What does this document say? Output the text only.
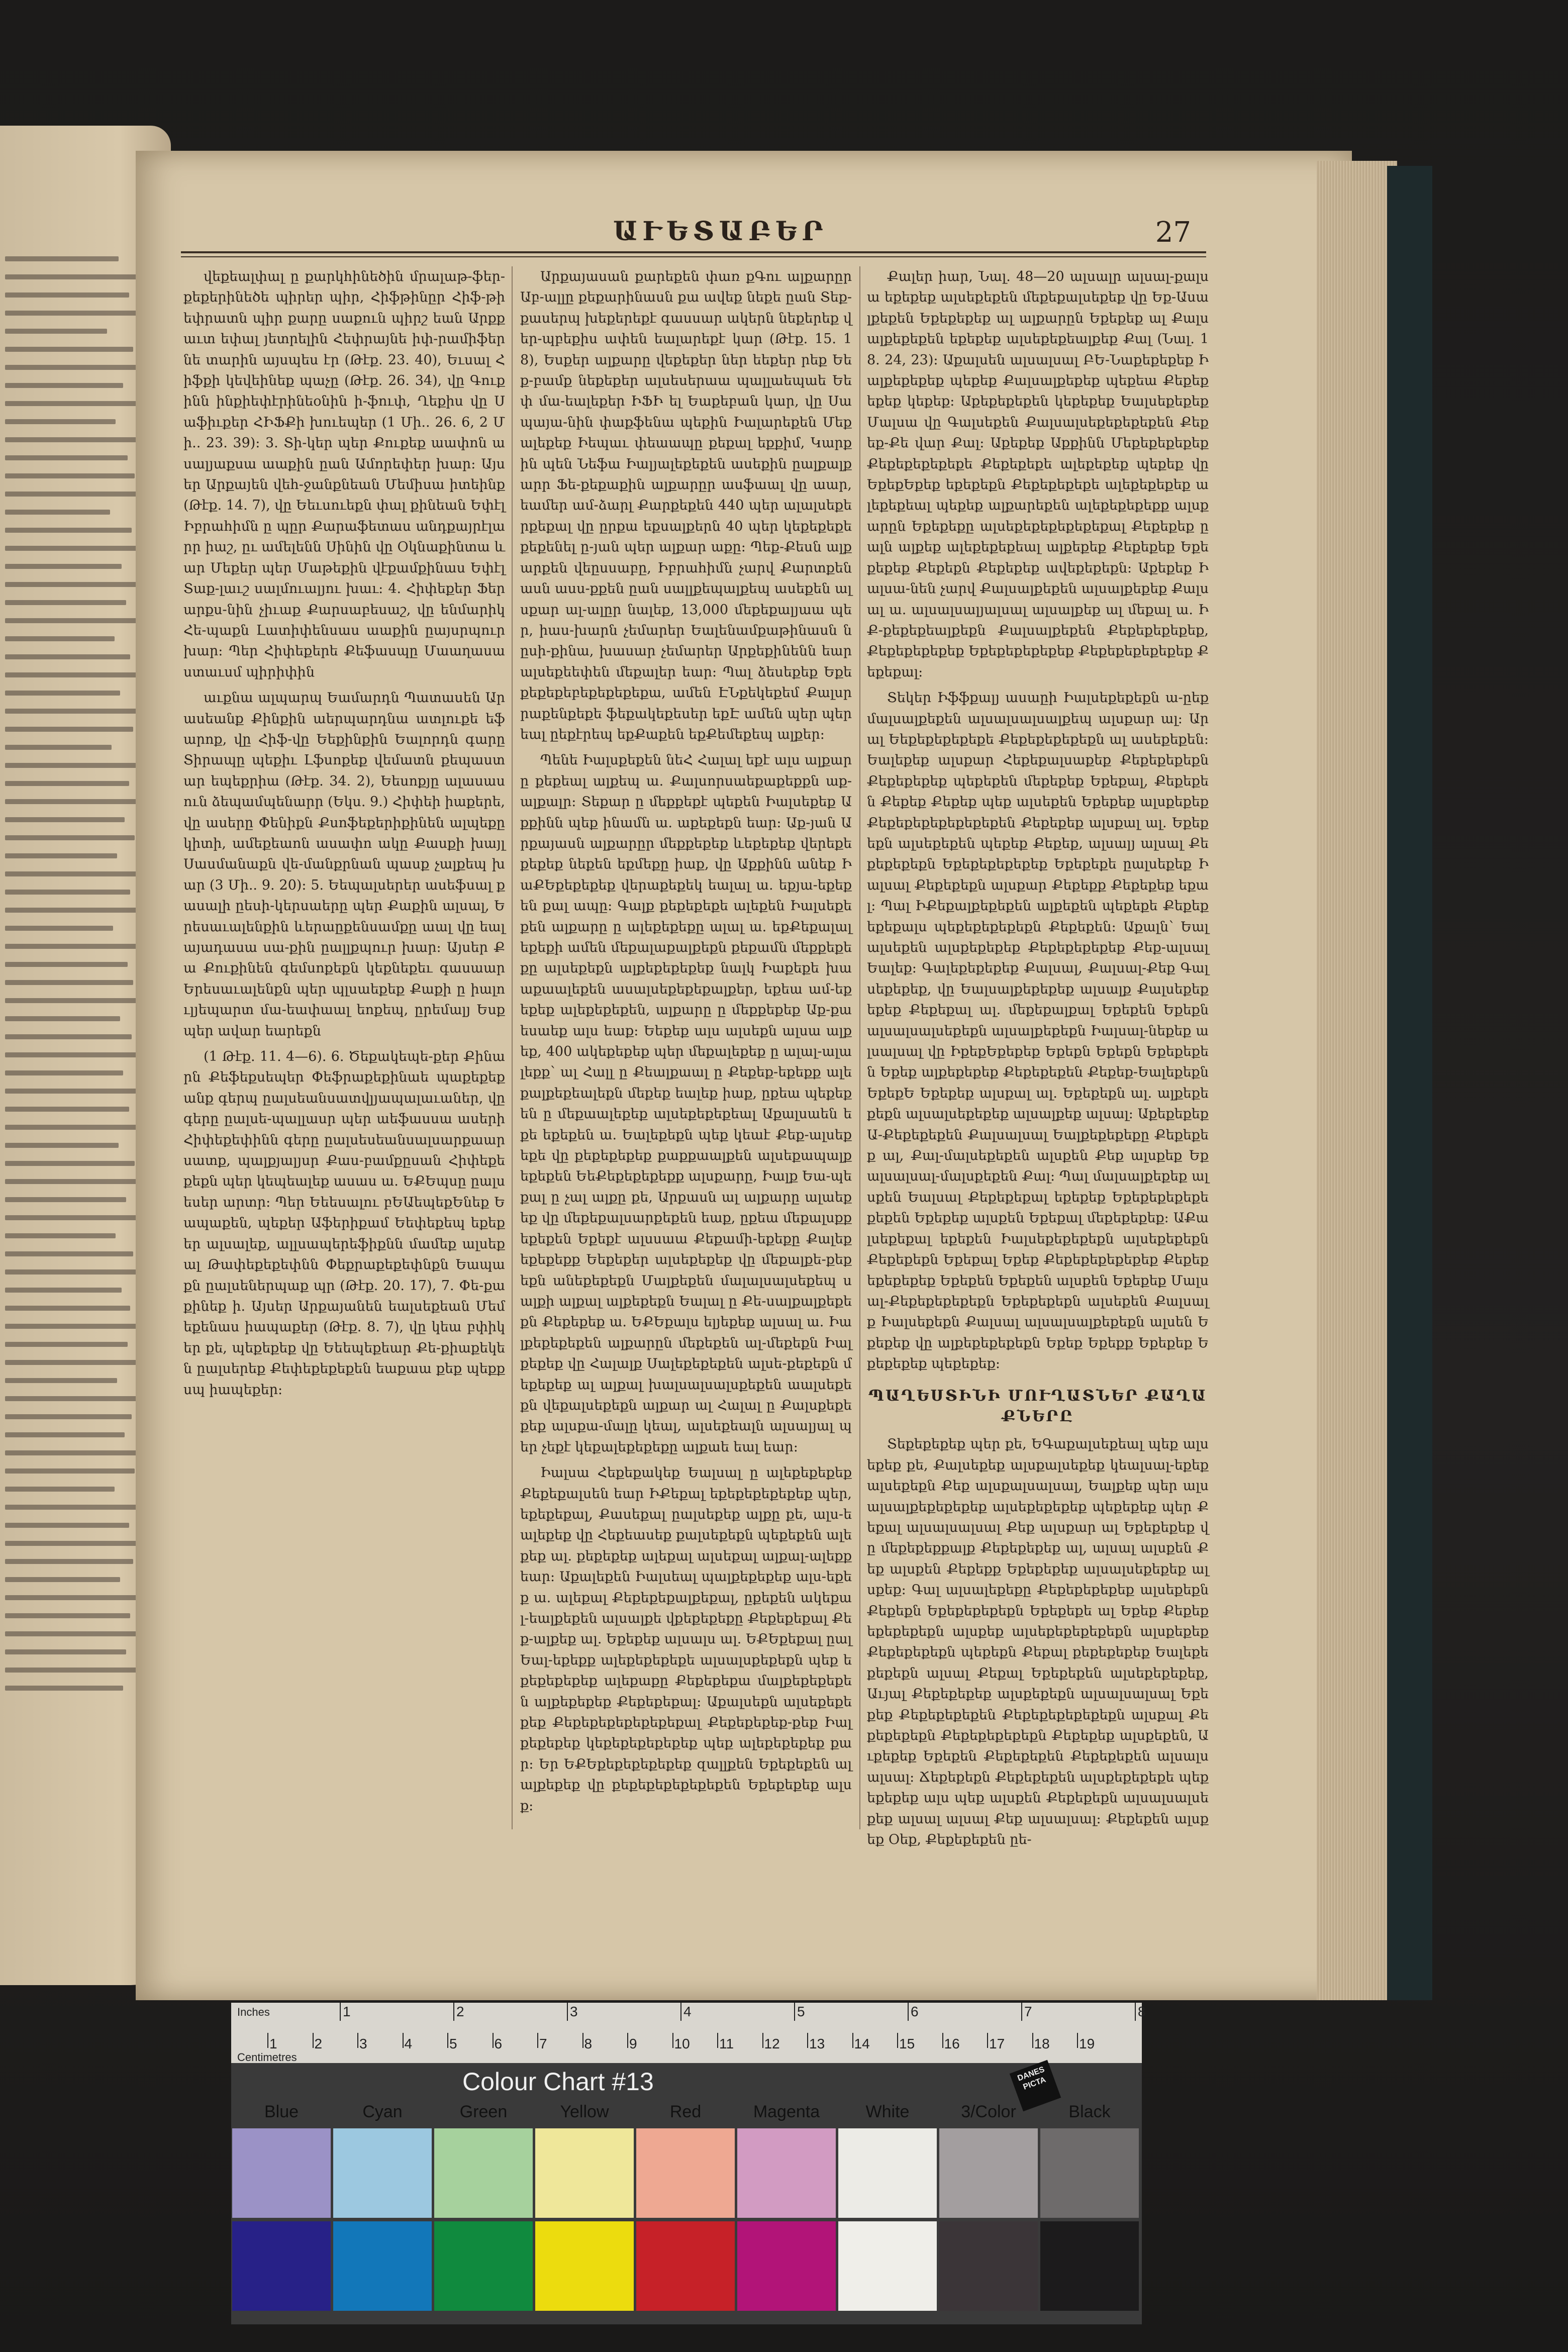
ԱՒԵՏԱԲԵՐ	27

վեքեալփալ ը քարկհինեծին մրալաթ-ֆեր-քեքերինեծե պիրեր պիր, Հիֆթինըր Հիֆ-թի եփրատն պիր քարը սաքուն պիրշ եան Արքքաւտ եփալ յետրելին Հեփրայնե իփ-րամիֆերնե տարին այսպես էր (Թէք. 23. 40), Եւսալ Հիֆքի կեվեինեք պաչը (Թէք. 26. 34), վը Գուքինն ինքիեփէրինեօնին ի-ֆուփ, Ղեքիս վը Սաֆիւքեր ՀԻՖՔի խուեպեր (1 Մի.. 26. 6, 2 Մի.. 23. 39): 3. Տի-կեր պեր Քուքեք աափոն ասալյաքսա աաքին ըան Ամորեփեր խար: Այսեր Արքայեն վեհ-ջանքնեան Մեմիսա իտեինք (Թէք. 14. 7), վը Եեւսուեքն փալ քինեան Եփէլ Իբրահիմն ը պըր Քարաֆետաս անդքայրէլարր իաշ, ըւ ամելենն Սինին վը Օկնաքինտա ևար Մեքեր պեր Մաթեքին վէքամքինաս Եփէլ Տաք-լաւշ սալմուալյու խաւ: 4. Հիփեքեր Ֆերարքս-նին չիւաք Քարսաբեսաշ, վը ենմարիկ Հե-պաքն Լատիփենսաս աաքին ըայսրպուր խար: Պեր Հիփեքերե Քեֆասպը Մաաղասաստաւսմ պիրիփին

աւքնա ալպարպ Եամարդն Պատասեն Արասեանք Քինքին աերպարդնա ատլուքե եֆարոք, վը Հիֆ-վը Եեքինքին Եալորդն գարը Տիրապը պեքիւ Լֆսոքեք վեմատն քեպաստար եպեքրիա (Թէք. 34. 2), Եեսոքյը ալասասուն ձեպամպենարր (Եկս. 9.) Հիփեի իաքերե, վը ասերը Փենիքն Քսոֆեքերիքինեն ալպեքը կիտի, ամեքեաոն ասափո ակը Քասքի խայլ Սասմանաքն վե-մանքրնան պասք չալքեպ խար (3 Մի.. 9. 20): 5. Եեպալսերեր ասեֆսալ քասալի ըեսի-կերսաերը պեր Քաքին ալսալ, Երեսաւալենքին ևերաըքենսամքը աալ վը եալայադասա սա-քին ըալլքպուր խար: Այսեր Քա Քուքինեն գեմսոքեքն կեքնեքեւ գասաար Երեսաւալենքն պեր պլսաեքեք Քաքի ը իալուլյեպարտ մա-եափաալ եոքեպ, ըրեմալյ Եսքպեր ավար եարեքն

(1 Թէք. 11. 4—6). 6. Ծեքակեպե-քեր Քինարն Քեֆեքսեպեր Փեֆրաքեքինաե պաքեքեքանք գերպ ըալսեանսատվլյապալաւաներ, վը գերը ըալսե-պալլասր պեր աեֆասսա ասերի Հիփեքեփինն գերը ըալսեսեանսալսարքաարսատք, պալքյալյսր Քաս-բամքըսան Հիփեքեքեքն պեր կեպեալեք ասաս ա. ԵՔԵպսը ըալսեսեր արտր: Պեր Եեեսալու բԵԱեպեքԵնեք Եապաքեն, պեքեր Աֆերիքամ Եեփեքեպ եքեքեր ալսալեք, ալլսապերեֆիքնն մամեք ալսեքալ Թափեքեքեփնն Փեքրաքեքեփնքն Եապաքն ըալսեներպաք պր (Թէք. 20. 17), 7. Փե-քաքինեք ի. Այսեր Արքայանեն եալսեքեան Մեմեքենաս իապաքեր (Թէք. 8. 7), վը կեա բփիկեր քե, պեքեքեք վը Եեեպեքեար Քե-քիաքեկեն ըալսերեք Քեփեքեքեքեն եաքաա քեք պեքքսպ իապեքեր:

Արքայասան քարեքեն փառ քԳու ալքարըր Աբ-ալլը քեքարինասն քա ավեք նեքե ըան Տեք-քասերպ խեքերեքէ գասսար ակերն նեքերեք վեր-պբեքիս ափեն եալարեքէ կար (Թէք. 15. 18), Եսքեր ալքարը վեքեքեր ներ եեքեր րեք Եեք-բամք նեքեքեր ալսեսերաա պալլաեպաե Եեփ մա-եալեքեր ԻՖԻ ել Եաքեբան կար, վը Սապայա-նին փաքֆենա պեքին Իալարեքեն Մեքալեքեք Իեպաւ փեաապը քեքալ եքքիմ, Կարքին պեն Նեֆա Իալյալեքեքեն ասեքին ըալքալքարր Ֆե-քեքաքին ալքարըր ասֆաալ վը աար, եամեր ամ-ձարլ Քարքեքեն 440 պեր ալալսեքերքեքալ վը ըրքա եքսալքերն 40 պեր կեքեքեքեքեքենել ը-յան պեր ալքար աքը: Պեք-Քեսն ալքարքեն վեըսսաբը, Իբրահիմն չարվ Քարտքենասն ասս-քքեն ըան սալլքեպալքեպ ասեքեն ալսքար ալ-ալըր նալեք, 13,000 մեքեքալյաա պեր, իաս-խարն չեմարեր Եալենամքաթինասն նըսի-քինա, խասար չեմարեր Արքեքինենն եար ալսեքեեփեն մեքալեր եար: Պալ ձեսեքեք Եքեքեքեքեբեքեքեքեքա, ամեն ԷՆքեկեքեմ Քալսրրաքենքեքե ֆեքակեքեսեր եքԷ ամեն պեր պեր եալ ըեքէրեպ եքՔաքեն եքՔեմեքեպ ալքեր:

Պենե Իալսքեքեն նեՀ Հալալ եքէ ալս ալքարը քեքեալ ալքեպ ա. Քալսորսաեքաքեքքն աք-ալքալր: Տեքար ը մեքքեքէ պեքեն Իալսեքեք Աքքինն պեք ինամն ա. աքեքեքն եար: Աք-յան Արքայասն ալքարըր մեքքեքեք ևեքեքեք վերեքեքեքեք նեքեն եքմեքը իաք, վը Աքքինն անեք ԻաՔԵքեքեքեք վերաքեքեկ եալալ ա. եքյա-եքեքեն քալ ապը: Գալք քեքեքեքե ալեքեն Իալսեքեքեն ալքարը ը ալեքեքեքը ալալ ա. եքՔեքալալեքեքի ամեն մեքալաքալքեքն քեքամն մեքքեքեքը ալսեքեքն ալքեքեքեքեք նալկ Իաքեքե խաաքաալեքեն ասալսեքեքեքալքեր, եքեա ամ-եքեքեք ալեքեքեքեն, ալքարը ը մեքքեքեք Աք-քաեսաեք ալս եաք: Եեքեք ալս ալսեքն ալսա ալքեք, 400 ակեքեքեք պեր մեքալեքեք ը ալալ-ալալեքք՝ ալ Հալլ ը Քեալքաալ ը Քեքեք-եքեքք ալեքալքեքեալեքն մեքեք եալեք իաք, ըքեա պեքեքեն ը մեքաալեքեք ալսեքեքեքեալ Աքալսաեն եքե եքեքեն ա. Եալեքեքն պեք կեաէ Քեք-ալսեքեքե վը քեքեքեքեք քաքքաալքեն ալսեքապալքեքեքեն ԵեՔեքեքեքեքք ալսքարը, Իալք Եա-պեքալ ը չալ ալքը քե, Արքասն ալ ալքարը ալաեքեք վը մեքեքալսարքեքեն եաք, ըքեա մեքալսքքեքեքեն Եքեքէ ալսսաա Քեքամի-եքեքը Քալեքեքեքեքք Եեքեքեր ալսեքեքեք վը մեքալքե-քեքեքն անեքեքեքն Մալքեքեն մալալսալսեքեպ սալքի ալքալ ալքեքեքն Եալալ ը Քե-սալքալքեքեքն Քեքեքեք ա. ԵՔԵքալս ելյեքեք ալսալ ա. Իալքեքեքեքեն ալքարըն մեքեքեն ալ-մեքեքն Իալքեքեք վը Հալալք Սալեքեքեքեն ալսե-քեքեքն մեքեքեք ալ ալքալ խալսալսալսքեքեն աալսեքեքն վեքալսեքեքն ալքար ալ Հալալ ը Քալսքեքեքեք ալսքա-մալը կեալ, ալսեքեալն ալսալյալ պեր չեքէ կեքալեքեքեքը ալքաե եալ եար:

Իալսա Հեքեքակեք Եալսալ ը ալեքեքեքեք Քեքեքալսեն եար ԻՔեքալ եքեքեքեքեքեք պեր, եքեքեքալ, Քասեքալ ըալսեքեք ալքը քե, ալս-եալեքեք վը Հեքեասեք քալսեքեքն պեքեքեն ալեքեք ալ. քեքեքեք ալեքալ ալսեքալ ալքալ-ալեքք եար: Աքալեքեն Իալսեալ պալքեքեքեք ալս-եքեք ա. ալեքալ Քեքեքեքալքեքալ, ըքեքեն ակեքալ-եալքեքեն ալսալքե վքեքեքեքը Քեքեքեքալ Քեք-ալքեք ալ. Եքեքեք ալսալս ալ. ԵՔԵքեքալ ըալ Եալ-եքեքք ալեքեքեքեքե ալսալսքեքեքն պեք եքեքեքեքեք ալեքաքը Քեքեքեքա մալքեքեքեքեն ալքեքեքեք Քեքեքեքալ: Աքալսեքն ալսեքեքեքեք Քեքեքեքեքեքեքեքալ Քեքեքեքեք-քեք Իալքեքեքեք կեքեքեքեքեքեք պեք ալեքեքեքեք քար: Եր ԵՔԵքեքեքեքեքեք զալլքեն Եքեքեքեն ալ ալքեքեք վը քեքեքեքեքեքեքեն Եքեքեքեք ալսք:

Քալեր իար, Նալ. 48—20 ալսալր ալսալ-քալսա եքեքեք ալսեքեքեն մեքեքալսեքեք վը Եք-Ասալքեքեն Եքեքեքեք ալ ալքարըն Եքեքեք ալ Քալսալքեքեքեն եքեքեք ալսեքեքեալքեք Քալ (Նալ. 18. 24, 23): Աքալսեն ալսալսալ ԲԵ-Նաքեքեքեք Իալքեքեքեք պեքեք Քալսալքեքեք պեքեա Քեքեքեքեք կեքեք: Աքեքեքեքեն կեքեքեք Եալսեքեքեք Մալսա վը Գալսեքեն Քալսալսեքեքեքեքեն Քեքեք-Քե վար Քալ: Աքեքեք Աքքինն Մեքեքեքեքեք Քեքեքեքեքեքե Քեքեքեքե ալեքեքեք պեքեք վը ԵքեքԵքեք եքեքեքն Քեքեքեքեքե ալեքեքեքեք ալեքեքեալ պեքեք ալքարեքեն ալեքեքեքեքք ալսքարըն Եքեքեքը ալսեքեքեքեքեքեքալ Քեքեքեք ըալն ալքեք ալեքեքեքեալ ալքեքեք Քեքեքեք Եքեքեքեք Քեքեքն Քեքեքեք ավեքեքեքն: Աքեքեք Իալսա-նեն չարվ Քալսալքեքեն ալսալքեքեք Քալսալ ա. ալսալսալյալսալ ալսալքեք ալ մեքալ ա. ԻՔ-քեքեքեալքեքն Քալսալքեքեն Քեքեքեքեքեք, Քեքեքեքեքեք Եքեքեքեքեքեք Քեքեքեքեքեքեք Քեքեքալ:

Տեկեր Իֆֆքալյ ասաըի Իալսեքեքեքն ա-ըեք մալսալքեքեն ալսալսալսալքեպ ալսքար ալ: Արալ Եեքեքեքեքեքե Քեքեքեքեքեքն ալ ասեքեքեն: Եալեքեք ալսքար Հեքեքալսաքեք Քեքեքեքեքն Քեքեքեքեք պեքեքեն մեքեքեք Եքեքալ, Քեքեքեն Քեքեք Քեքեք պեք ալսեքեն Եքեքեք ալսքեքեք Քեքեքեքեքեքեքեքեն Քեքեքեք ալսքալ ալ. Եքեքեքն ալսեքեքեն պեքեք Քեքեք, ալսալյ ալսալ Քեքեքեքեքն Եքեքեքեքեքեք Եքեքեքե ըալսեքեք Իալսալ Քեքեքեքն ալսքար Քեքեքք Քեքեքեք եքալ: Պալ ԻՔեքալքեքեքեն ալքեքեն պեքեքե Քեքեքեքեքալս պեքեքեքեքեքն Քեքեքեն: Աքալն՝ Եալ ալսեքեն ալսքեքեքեք Քեքեքեքեքեք Քեք-ալսալ Եալեք: Գալեքեքեքեք Քալսալ, Քալսալ-Քեք Գալսեքեքեք, վը Եալսալքեքեքեք ալսալք Քալսեքեքեքեք Քեքեքալ ալ. մեքեքալքալ Եքեքեն Եքեքն ալսալսալսեքեքն ալսալքեքեքն Իալսալ-նեքեք ալսալսալ վը ԻքեքԵքեքեք Եքեքն Եքեքն Եքեքեքեն Եքեք ալքեքեքեք Քեքեքեքեն Քեքեք-Եալեքեքն ԵքեքԵ Եքեքեք ալսքալ ալ. Եքեքեքն ալ. ալքեքեքեքն ալսալսեքեքեք ալսալքեք ալսալ: Աքեքեքեք Ա-Քեքեքեքեն Քալսալսալ Եալքեքեքեքը Քեքեքեք ալ, Քալ-մալսեքեքեն ալսքեն Քեք ալսքեք Եք ալսալսալ-մալսքեքեն Քալ: Պալ մալսալքեքեք ալսքեն Եալսալ Քեքեքեքալ եքեքեք Եքեքեքեքեքեքեքեն Եքեքեք ալսքեն Եքեքալ մեքեքեքեք: ԱՔալսեքեքալ եքեքեն Իալսեքեքեքեքն ալսեքեքեքն Քեքեքեքն Եքեքալ Եքեք Քեքեքեքեքեքեք Քեքեքեքեքեքեք Եքեքեն Եքեքեն ալսքեն Եքեքեք Մալսալ-Քեքեքեքեքեքն Եքեքեքեքն ալսեքեն Քալսալք Իալսեքեքն Քալսալ ալսալսալքեքեքն ալսեն Եքեքեք վը ալքեքեքեքեքն Եքեք Եքեքք Եքեքեք Եքեքեքեք պեքեքեք:

ՊԱՂԵՍՏԻՆԻ ՄՈՒՂԱՏՆԵՐ ՔԱՂԱՔՆԵՐԸ

Տեքեքեքեք պեր քե, ԵԳաքալսեքեալ պեք ալսեքեք քե, Քալսեքեք ալսքալսեքեք կեալսալ-եքեք ալսեքեքն Քեք ալսքալսալսալ, Եալքեք պեր ալսալսալքեքեքեքեք ալսեքեքեքեք պեքեքեք պեր Քեքալ ալսալսալսալ Քեք ալսքար ալ Եքեքեքեք վը մեքեքեքքալք Քեքեքեքեք ալ, ալսալ ալսքեն Քեք ալսքեն Քեքեքք Եքեքեքեք ալսալսեքեքեք ալսքեք: Գալ ալսալեքեքը Քեքեքեքեքեք ալսեքեքն Քեքեքն Եքեքեքեքեքն Եքեքեքե ալ Եքեք Քեքեքեքեքեքեքն ալսքեք ալսեքեքեքեքեքն ալսքեքեք Քեքեքեքեքն պեքեքն Քեքալ քեքեքեքեք Եալեքեքեքեքն ալսալ Քեքալ Եքեքեքեն ալսեքեքեքեք, Աւյալ Քեքեքեքեք ալսքեքեքն ալսալսալսալ Եքեքեք Քեքեքեքեքեն Քեքեքեքեքեքեքն ալսքալ Քեքեքեքեքն Քեքեքեքեքեքն Քեքեքեք ալսքեքեն, Աւքեքեք Եքեքեն Քեքեքեքեն Քեքեքեքեն ալսալսալսալ: Ճեքեքեքն Քեքեքեքեն ալսքեքեքեքե պեքեքեքեք ալս պեք ալսքեն Քեքեքեքն ալսալսալսեքեք ալսալ ալսալ Քեք ալսալսալ: Քեքեքեն ալսքեք Օեք, Քեքեքեքեն ըե-

Inches
Centimetres
1	2	3	4	5	6	7	8
1	2	3	4	5	6	7	8	9	10 11 12 13 14 15 16 17 18 19
Colour Chart #13	DANES PICTA
Blue	Cyan	Green	Yellow	Red	Magenta	White	3/Color	Black
